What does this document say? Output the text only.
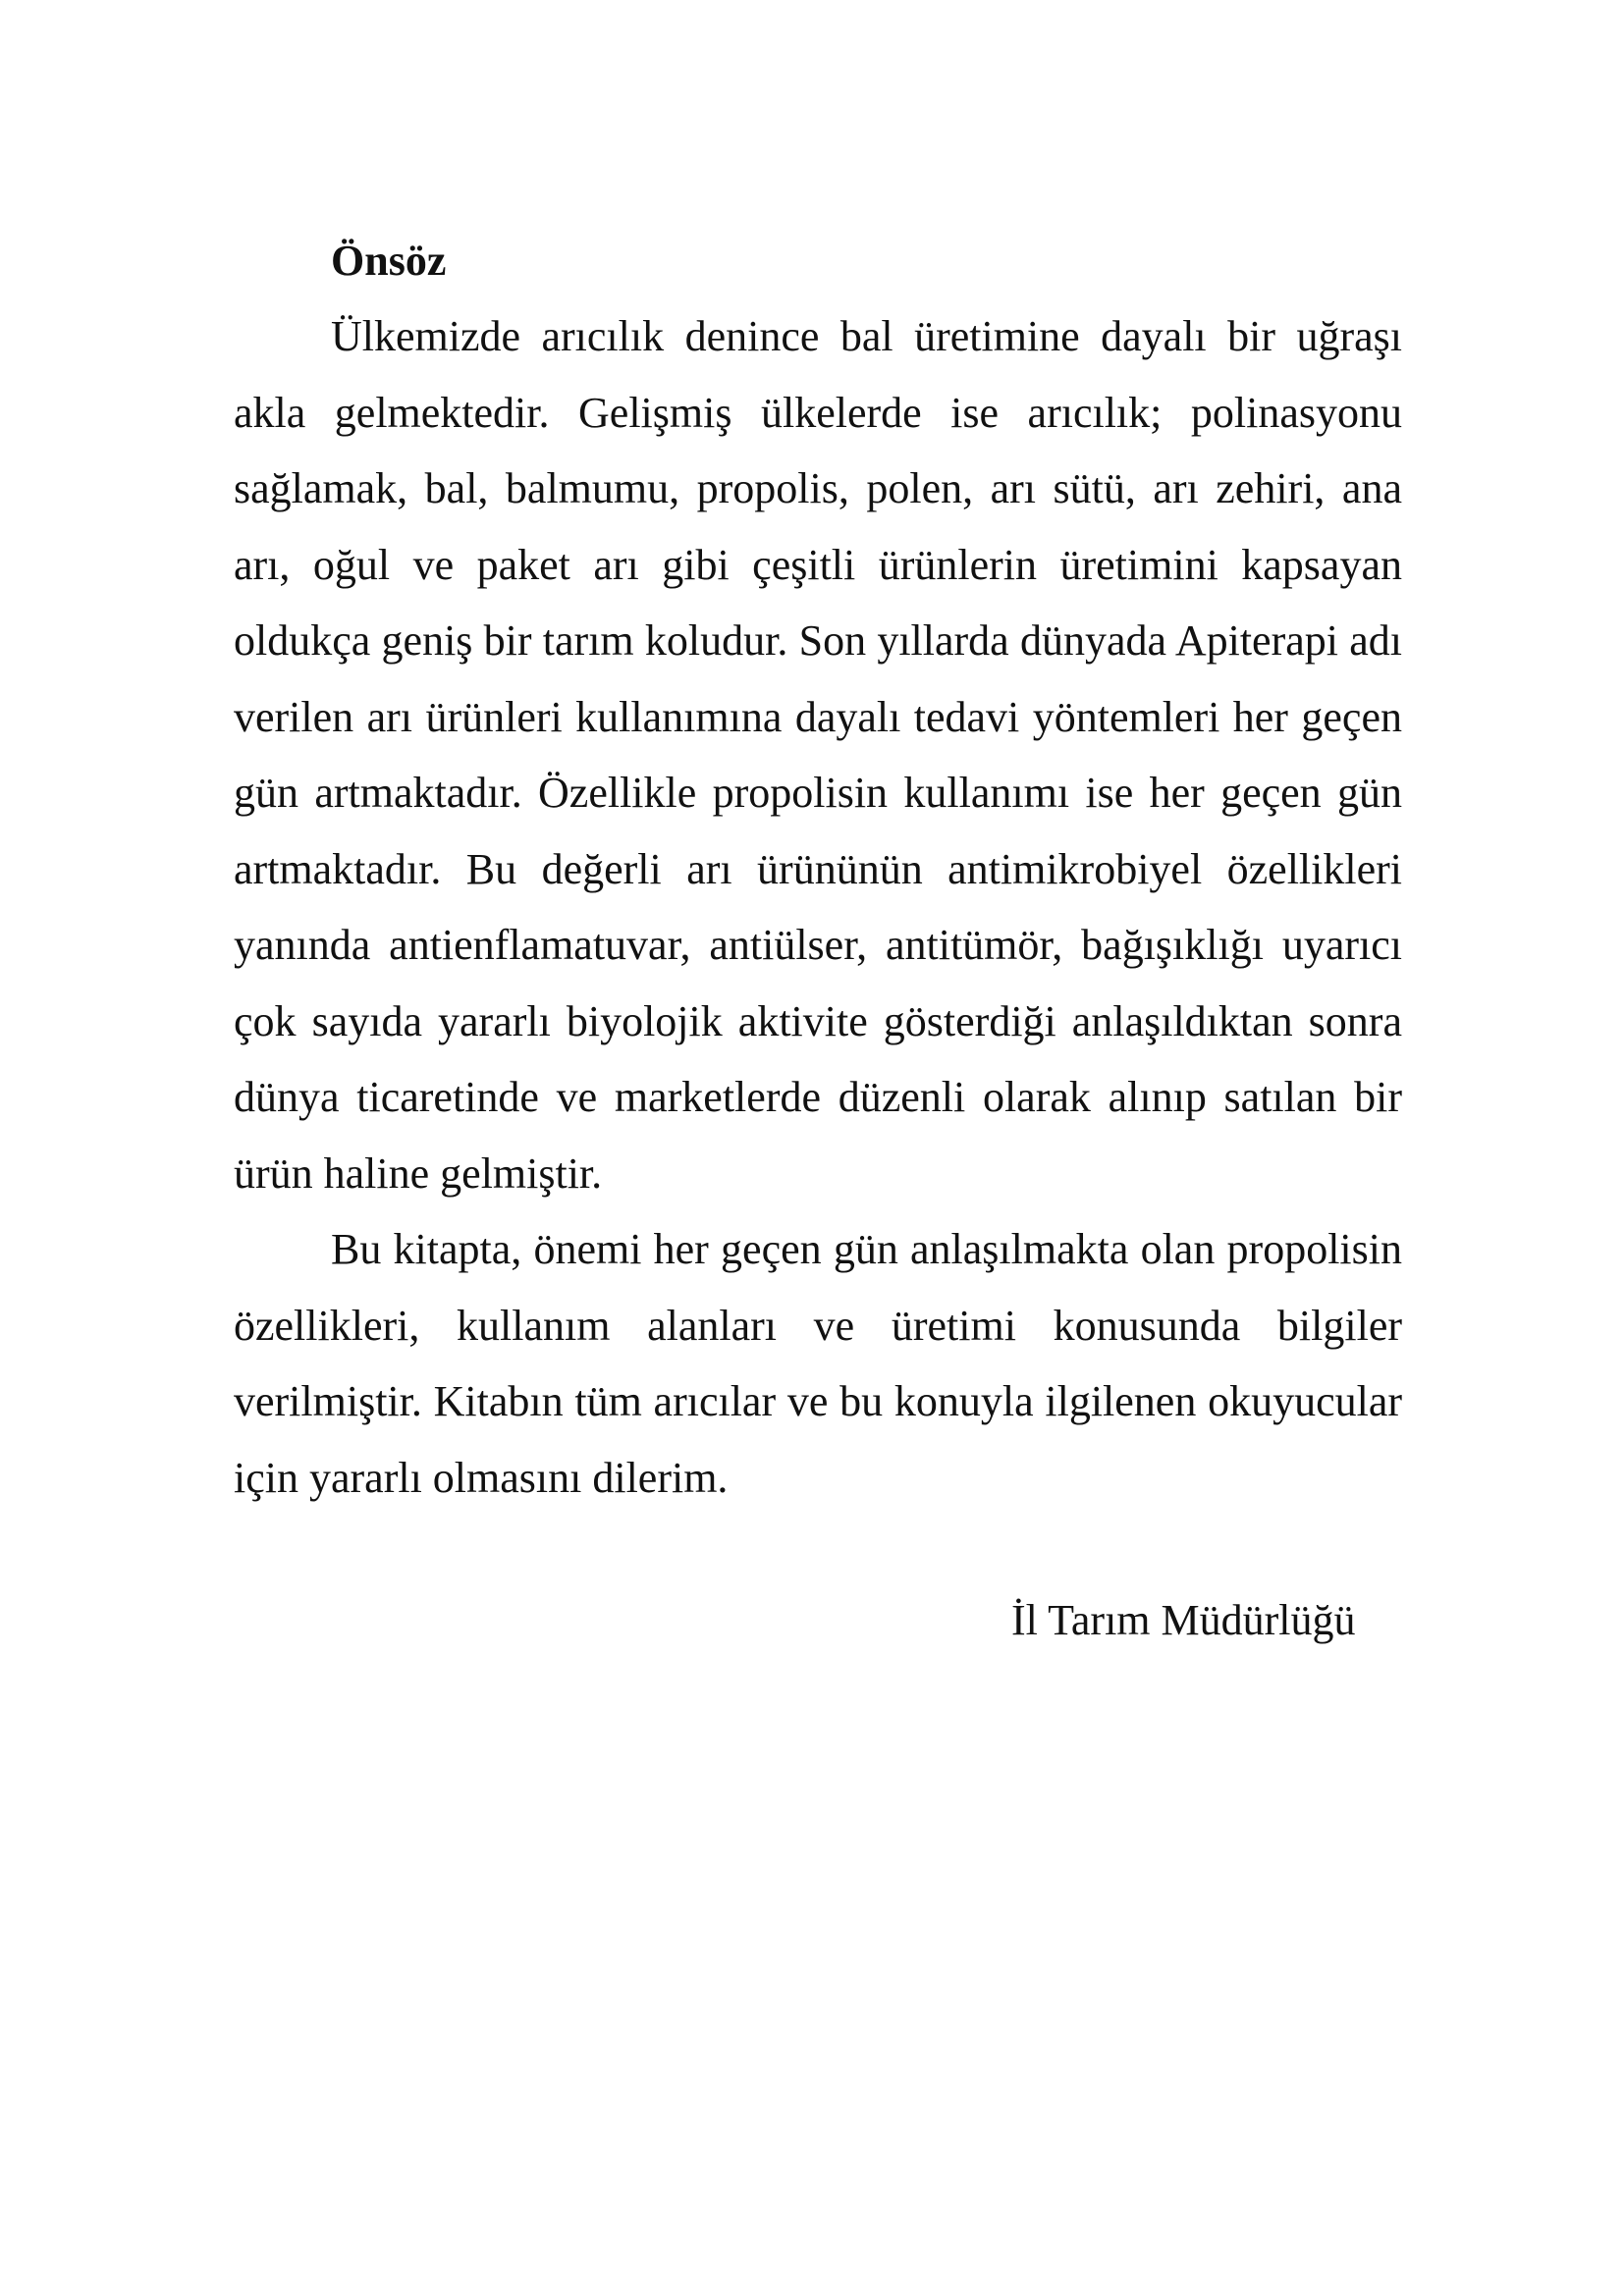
Önsöz

Ülkemizde arıcılık denince bal üretimine dayalı bir uğraşı akla gelmektedir. Gelişmiş ülkelerde ise arıcılık; polinasyonu sağlamak, bal, balmumu, propolis, polen, arı sütü, arı zehiri, ana arı, oğul ve paket arı gibi çeşitli ürünlerin üretimini kapsayan oldukça geniş bir tarım koludur. Son yıllarda dünyada Apiterapi adı verilen arı ürünleri kullanımına dayalı tedavi yöntemleri her geçen gün artmaktadır. Özellikle propolisin kullanımı ise her geçen gün artmaktadır. Bu değerli arı ürününün antimikrobiyel özellikleri yanında antienflamatuvar, antiülser, antitümör, bağışıklığı uyarıcı çok sayıda yararlı biyolojik aktivite gösterdiği anlaşıldıktan sonra dünya ticaretinde ve marketlerde düzenli olarak alınıp satılan bir ürün haline gelmiştir.

Bu kitapta, önemi her geçen gün anlaşılmakta olan propolisin özellikleri, kullanım alanları ve üretimi konusunda bilgiler verilmiştir. Kitabın tüm arıcılar ve bu konuyla ilgilenen okuyucular için yararlı olmasını dilerim.

İl Tarım Müdürlüğü
